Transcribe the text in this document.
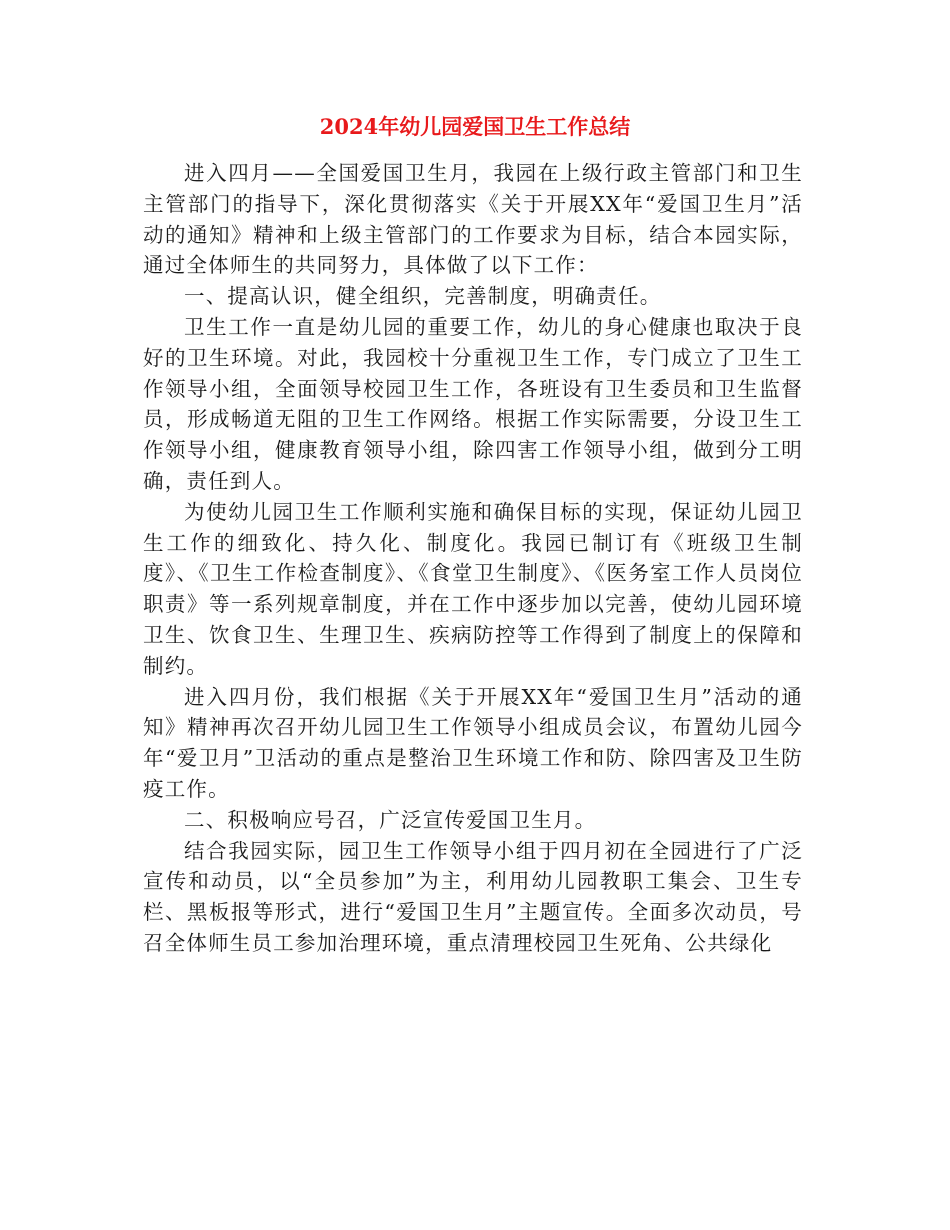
2024年幼儿园爱国卫生工作总结

进入四月——全国爱国卫生月，我园在上级行政主管部门和卫生主管部门的指导下，深化贯彻落实《关于开展XX年“爱国卫生月”活动的通知》精神和上级主管部门的工作要求为目标，结合本园实际，通过全体师生的共同努力，具体做了以下工作：

一、提高认识，健全组织，完善制度，明确责任。

卫生工作一直是幼儿园的重要工作，幼儿的身心健康也取决于良好的卫生环境。对此，我园校十分重视卫生工作，专门成立了卫生工作领导小组，全面领导校园卫生工作，各班设有卫生委员和卫生监督员，形成畅道无阻的卫生工作网络。根据工作实际需要，分设卫生工作领导小组，健康教育领导小组，除四害工作领导小组，做到分工明确，责任到人。

为使幼儿园卫生工作顺利实施和确保目标的实现，保证幼儿园卫生工作的细致化、持久化、制度化。我园已制订有《班级卫生制度》、《卫生工作检查制度》、《食堂卫生制度》、《医务室工作人员岗位职责》等一系列规章制度，并在工作中逐步加以完善，使幼儿园环境卫生、饮食卫生、生理卫生、疾病防控等工作得到了制度上的保障和制约。

进入四月份，我们根据《关于开展XX年“爱国卫生月”活动的通知》精神再次召开幼儿园卫生工作领导小组成员会议，布置幼儿园今年“爱卫月”卫活动的重点是整治卫生环境工作和防、除四害及卫生防疫工作。

二、积极响应号召，广泛宣传爱国卫生月。

结合我园实际，园卫生工作领导小组于四月初在全园进行了广泛宣传和动员，以“全员参加”为主，利用幼儿园教职工集会、卫生专栏、黑板报等形式，进行“爱国卫生月”主题宣传。全面多次动员，号召全体师生员工参加治理环境，重点清理校园卫生死角、公共绿化
